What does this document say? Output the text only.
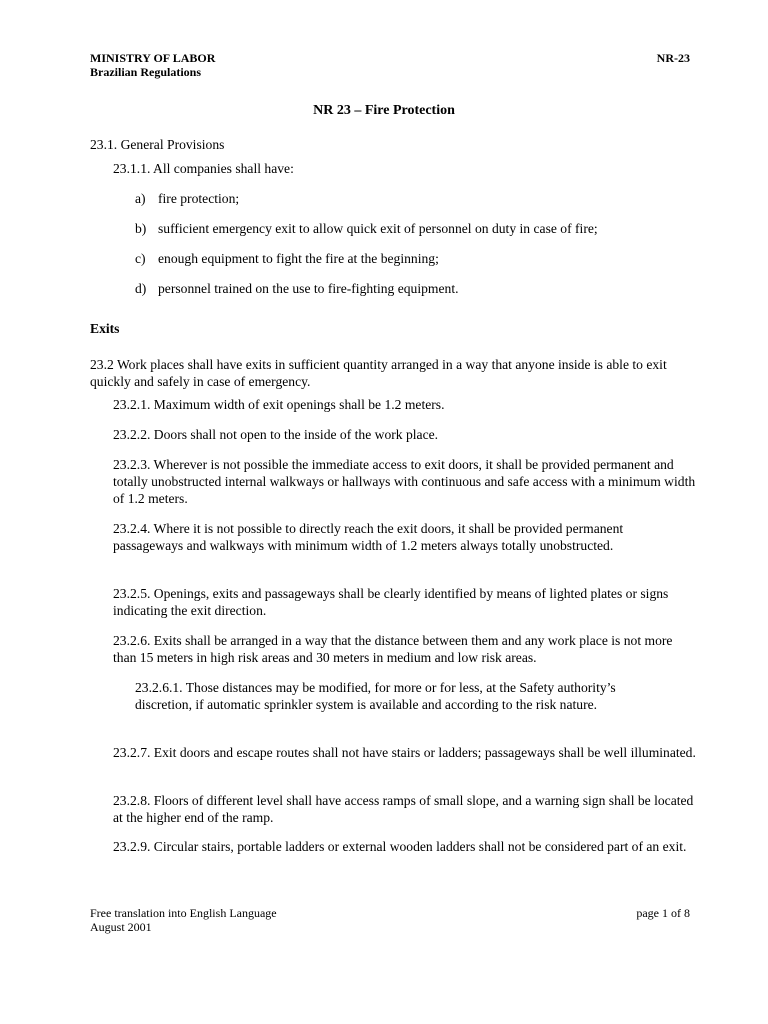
MINISTRY OF LABOR
Brazilian Regulations
NR-23
NR 23 – Fire Protection
23.1. General Provisions
23.1.1. All companies shall have:
a) fire protection;
b) sufficient emergency exit to allow quick exit of personnel on duty in case of fire;
c) enough equipment to fight the fire at the beginning;
d) personnel trained on the use to fire-fighting equipment.
Exits
23.2 Work places shall have exits in sufficient quantity arranged in a way that anyone inside is able to exit quickly and safely in case of emergency.
23.2.1. Maximum width of exit openings shall be 1.2 meters.
23.2.2. Doors shall not open to the inside of the work place.
23.2.3. Wherever is not possible the immediate access to exit doors, it shall be provided permanent and totally unobstructed internal walkways or hallways with continuous and safe access with a minimum width of 1.2 meters.
23.2.4. Where it is not possible to directly reach the exit doors, it shall be provided permanent passageways and walkways with minimum width of 1.2 meters always totally unobstructed.
23.2.5. Openings, exits and passageways shall be clearly identified by means of lighted plates or signs indicating the exit direction.
23.2.6. Exits shall be arranged in a way that the distance between them and any work place is not more than 15 meters in high risk areas and 30 meters in medium and low risk areas.
23.2.6.1. Those distances may be modified, for more or for less, at the Safety authority’s discretion, if automatic sprinkler system is available and according to the risk nature.
23.2.7. Exit doors and escape routes shall not have stairs or ladders; passageways shall be well illuminated.
23.2.8. Floors of different level shall have access ramps of small slope, and a warning sign shall be located at the higher end of the ramp.
23.2.9. Circular stairs, portable ladders or external wooden ladders shall not be considered part of an exit.
Free translation into English Language
August 2001
page 1 of 8
